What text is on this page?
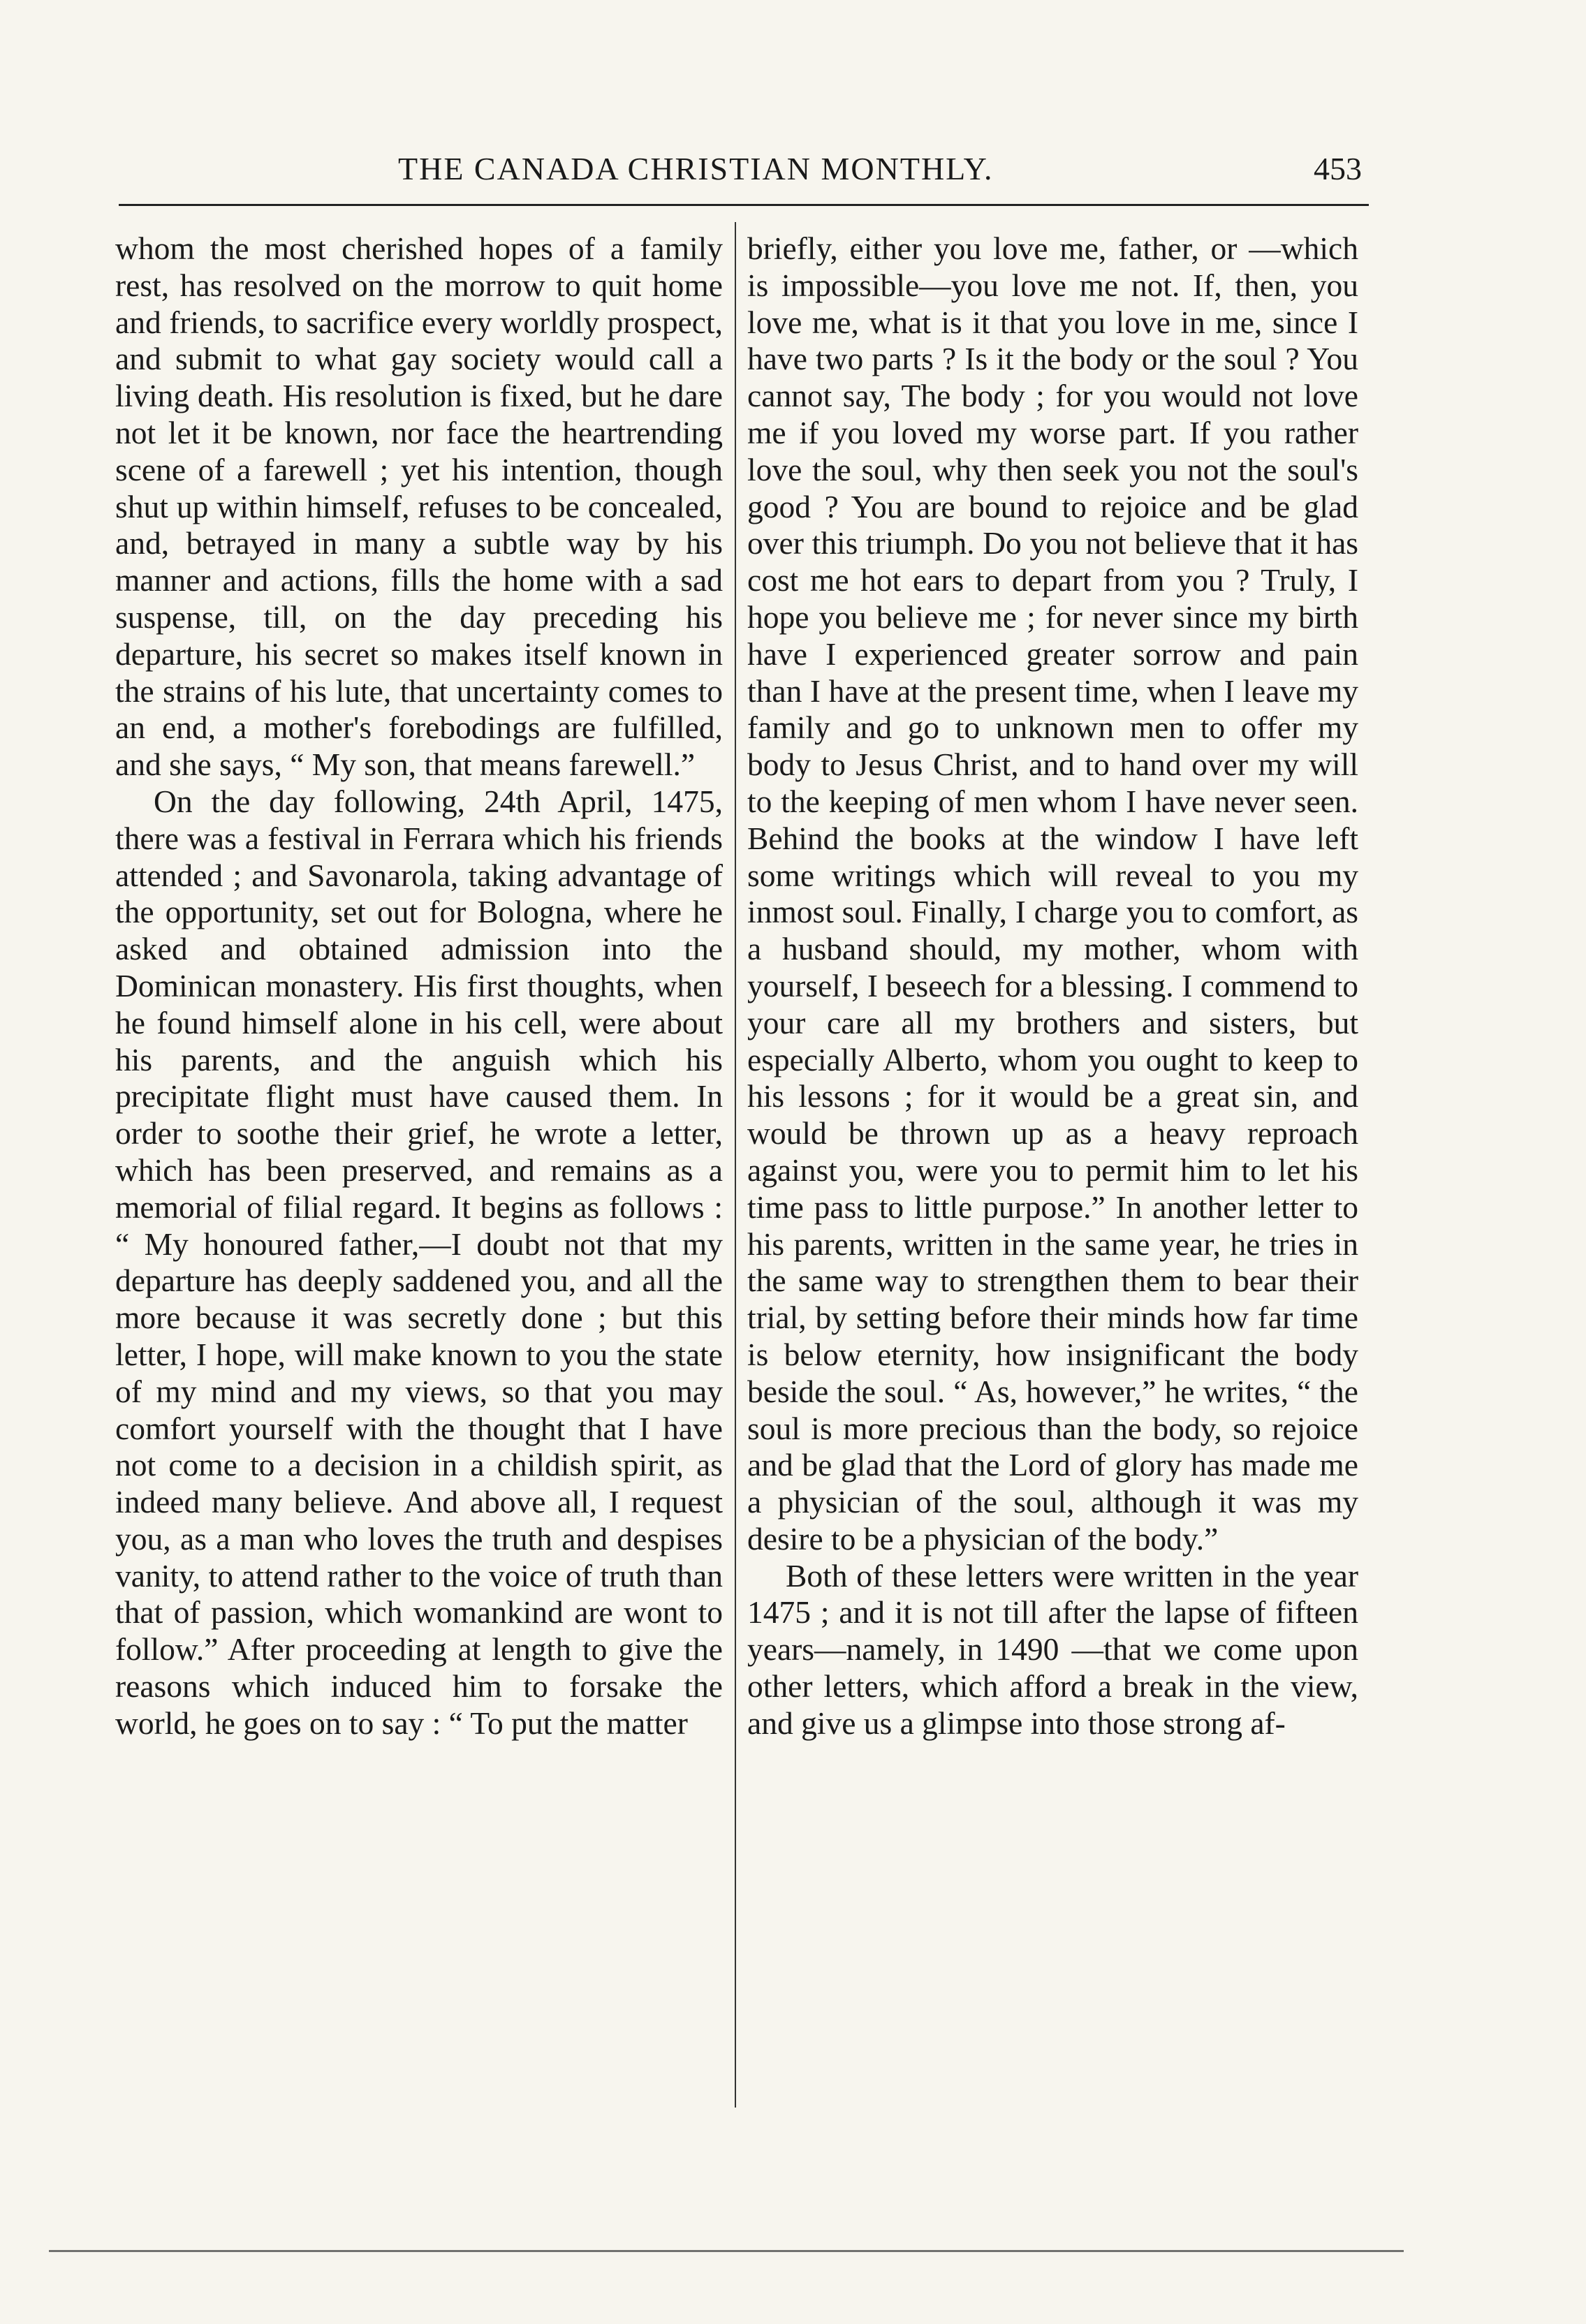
THE CANADA CHRISTIAN MONTHLY.	453

whom the most cherished hopes of a family rest, has resolved on the morrow to quit home and friends, to sacrifice every worldly prospect, and submit to what gay society would call a living death. His resolution is fixed, but he dare not let it be known, nor face the heartrending scene of a farewell ; yet his intention, though shut up within himself, refuses to be concealed, and, betrayed in many a subtle way by his manner and actions, fills the home with a sad suspense, till, on the day preceding his departure, his secret so makes itself known in the strains of his lute, that uncertainty comes to an end, a mother's forebodings are fulfilled, and she says, “ My son, that means farewell.”

On the day following, 24th April, 1475, there was a festival in Ferrara which his friends attended ; and Savonarola, taking advantage of the opportunity, set out for Bologna, where he asked and obtained admission into the Dominican monastery. His first thoughts, when he found himself alone in his cell, were about his parents, and the anguish which his precipitate flight must have caused them. In order to soothe their grief, he wrote a letter, which has been preserved, and remains as a memorial of filial regard. It begins as follows : “ My honoured father,—I doubt not that my departure has deeply saddened you, and all the more because it was secretly done ; but this letter, I hope, will make known to you the state of my mind and my views, so that you may comfort yourself with the thought that I have not come to a decision in a childish spirit, as indeed many believe. And above all, I request you, as a man who loves the truth and despises vanity, to attend rather to the voice of truth than that of passion, which womankind are wont to follow.” After proceeding at length to give the reasons which induced him to forsake the world, he goes on to say : “ To put the matter

briefly, either you love me, father, or —which is impossible—you love me not. If, then, you love me, what is it that you love in me, since I have two parts ? Is it the body or the soul ? You cannot say, The body ; for you would not love me if you loved my worse part. If you rather love the soul, why then seek you not the soul's good ? You are bound to rejoice and be glad over this triumph. Do you not believe that it has cost me hot ears to depart from you ? Truly, I hope you believe me ; for never since my birth have I experienced greater sorrow and pain than I have at the present time, when I leave my family and go to unknown men to offer my body to Jesus Christ, and to hand over my will to the keeping of men whom I have never seen. Behind the books at the window I have left some writings which will reveal to you my inmost soul. Finally, I charge you to comfort, as a husband should, my mother, whom with yourself, I beseech for a blessing. I commend to your care all my brothers and sisters, but especially Alberto, whom you ought to keep to his lessons ; for it would be a great sin, and would be thrown up as a heavy reproach against you, were you to permit him to let his time pass to little purpose.” In another letter to his parents, written in the same year, he tries in the same way to strengthen them to bear their trial, by setting before their minds how far time is below eternity, how insignificant the body beside the soul. “ As, however,” he writes, “ the soul is more precious than the body, so rejoice and be glad that the Lord of glory has made me a physician of the soul, although it was my desire to be a physician of the body.”

Both of these letters were written in the year 1475 ; and it is not till after the lapse of fifteen years—namely, in 1490 —that we come upon other letters, which afford a break in the view, and give us a glimpse into those strong af-
